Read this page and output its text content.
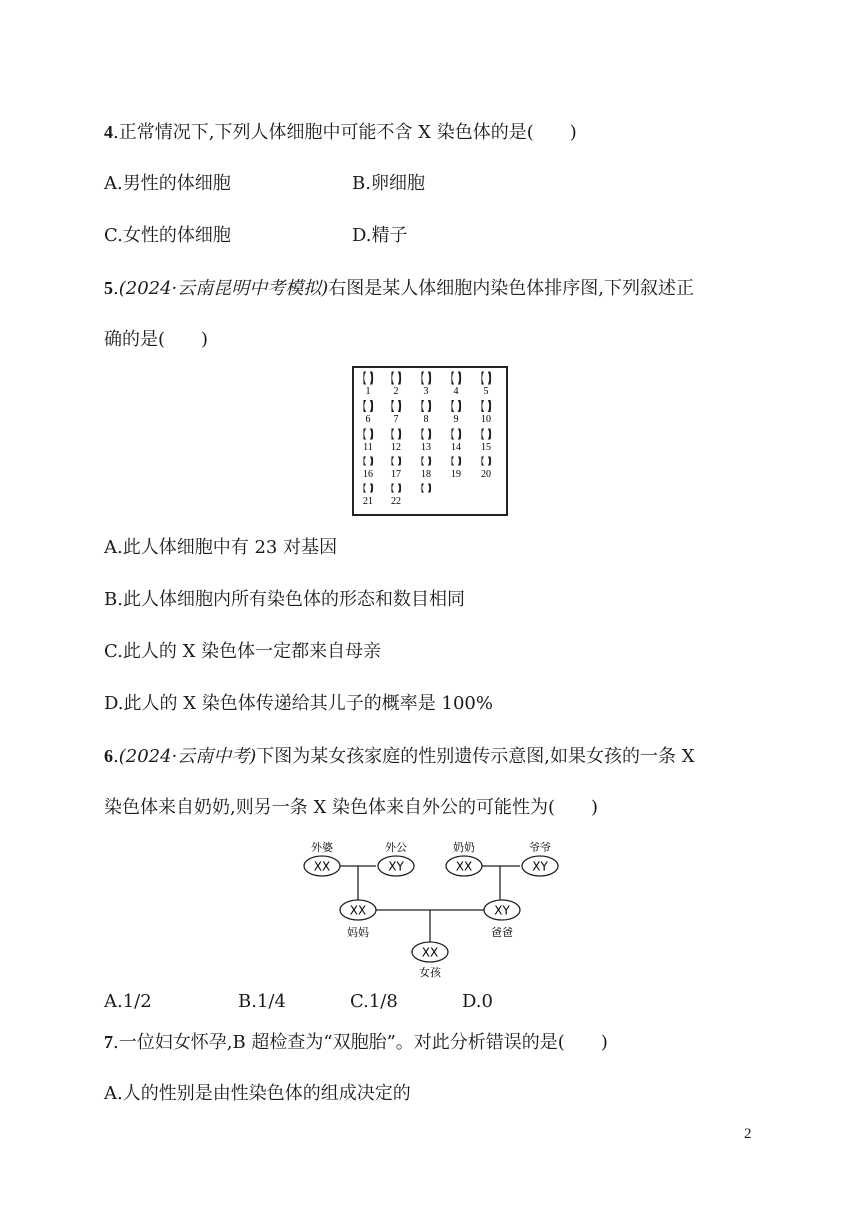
4.正常情况下,下列人体细胞中可能不含 X 染色体的是(　　)
A.男性的体细胞	B.卵细胞
C.女性的体细胞	D.精子
5.(2024·云南昆明中考模拟)右图是某人体细胞内染色体排序图,下列叙述正
确的是(　　)
1 2	3	4	5
6 7	8	9 10
11 12 13 14 15
16 17 18 19 20
21 22
A.此人体细胞中有 23 对基因
B.此人体细胞内所有染色体的形态和数目相同
C.此人的 X 染色体一定都来自母亲
D.此人的 X 染色体传递给其儿子的概率是 100%
6.(2024·云南中考)下图为某女孩家庭的性别遗传示意图,如果女孩的一条 X
染色体来自奶奶,则另一条 X 染色体来自外公的可能性为(　　)
XX	XY	XX	XY
XX	XY
XX
外婆	外公	奶奶	爷爷
妈妈	爸爸
女孩
A.1/2	B.1/4	C.1/8	D.0
7.一位妇女怀孕,B 超检查为“双胞胎”。对此分析错误的是(　　)
A.人的性别是由性染色体的组成决定的
2
